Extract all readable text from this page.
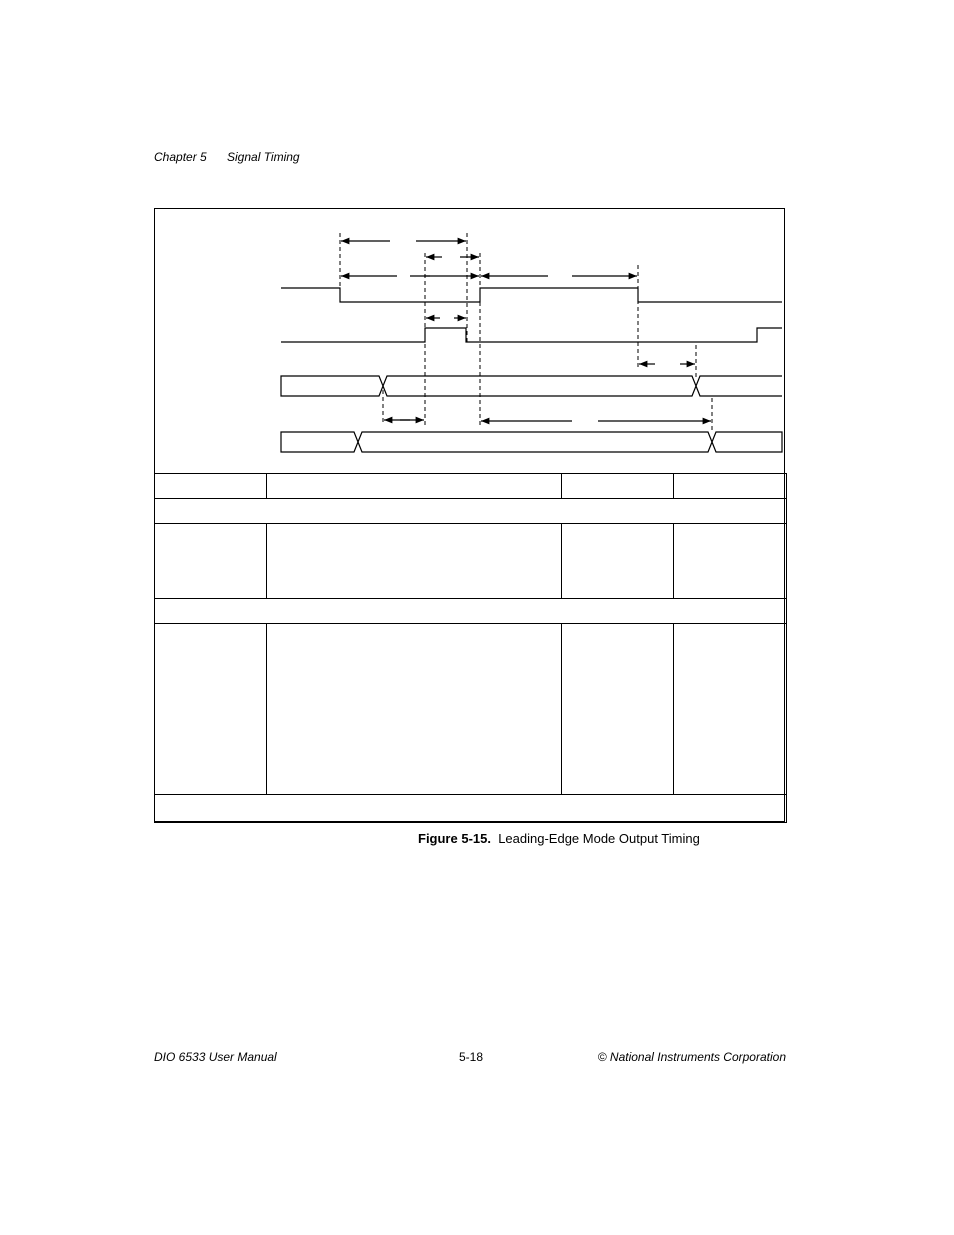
Chapter 5 Signal Timing

Figure 5-15. Leading-Edge Mode Output Timing
DIO 6533 User Manual	5-18	© National Instruments Corporation
